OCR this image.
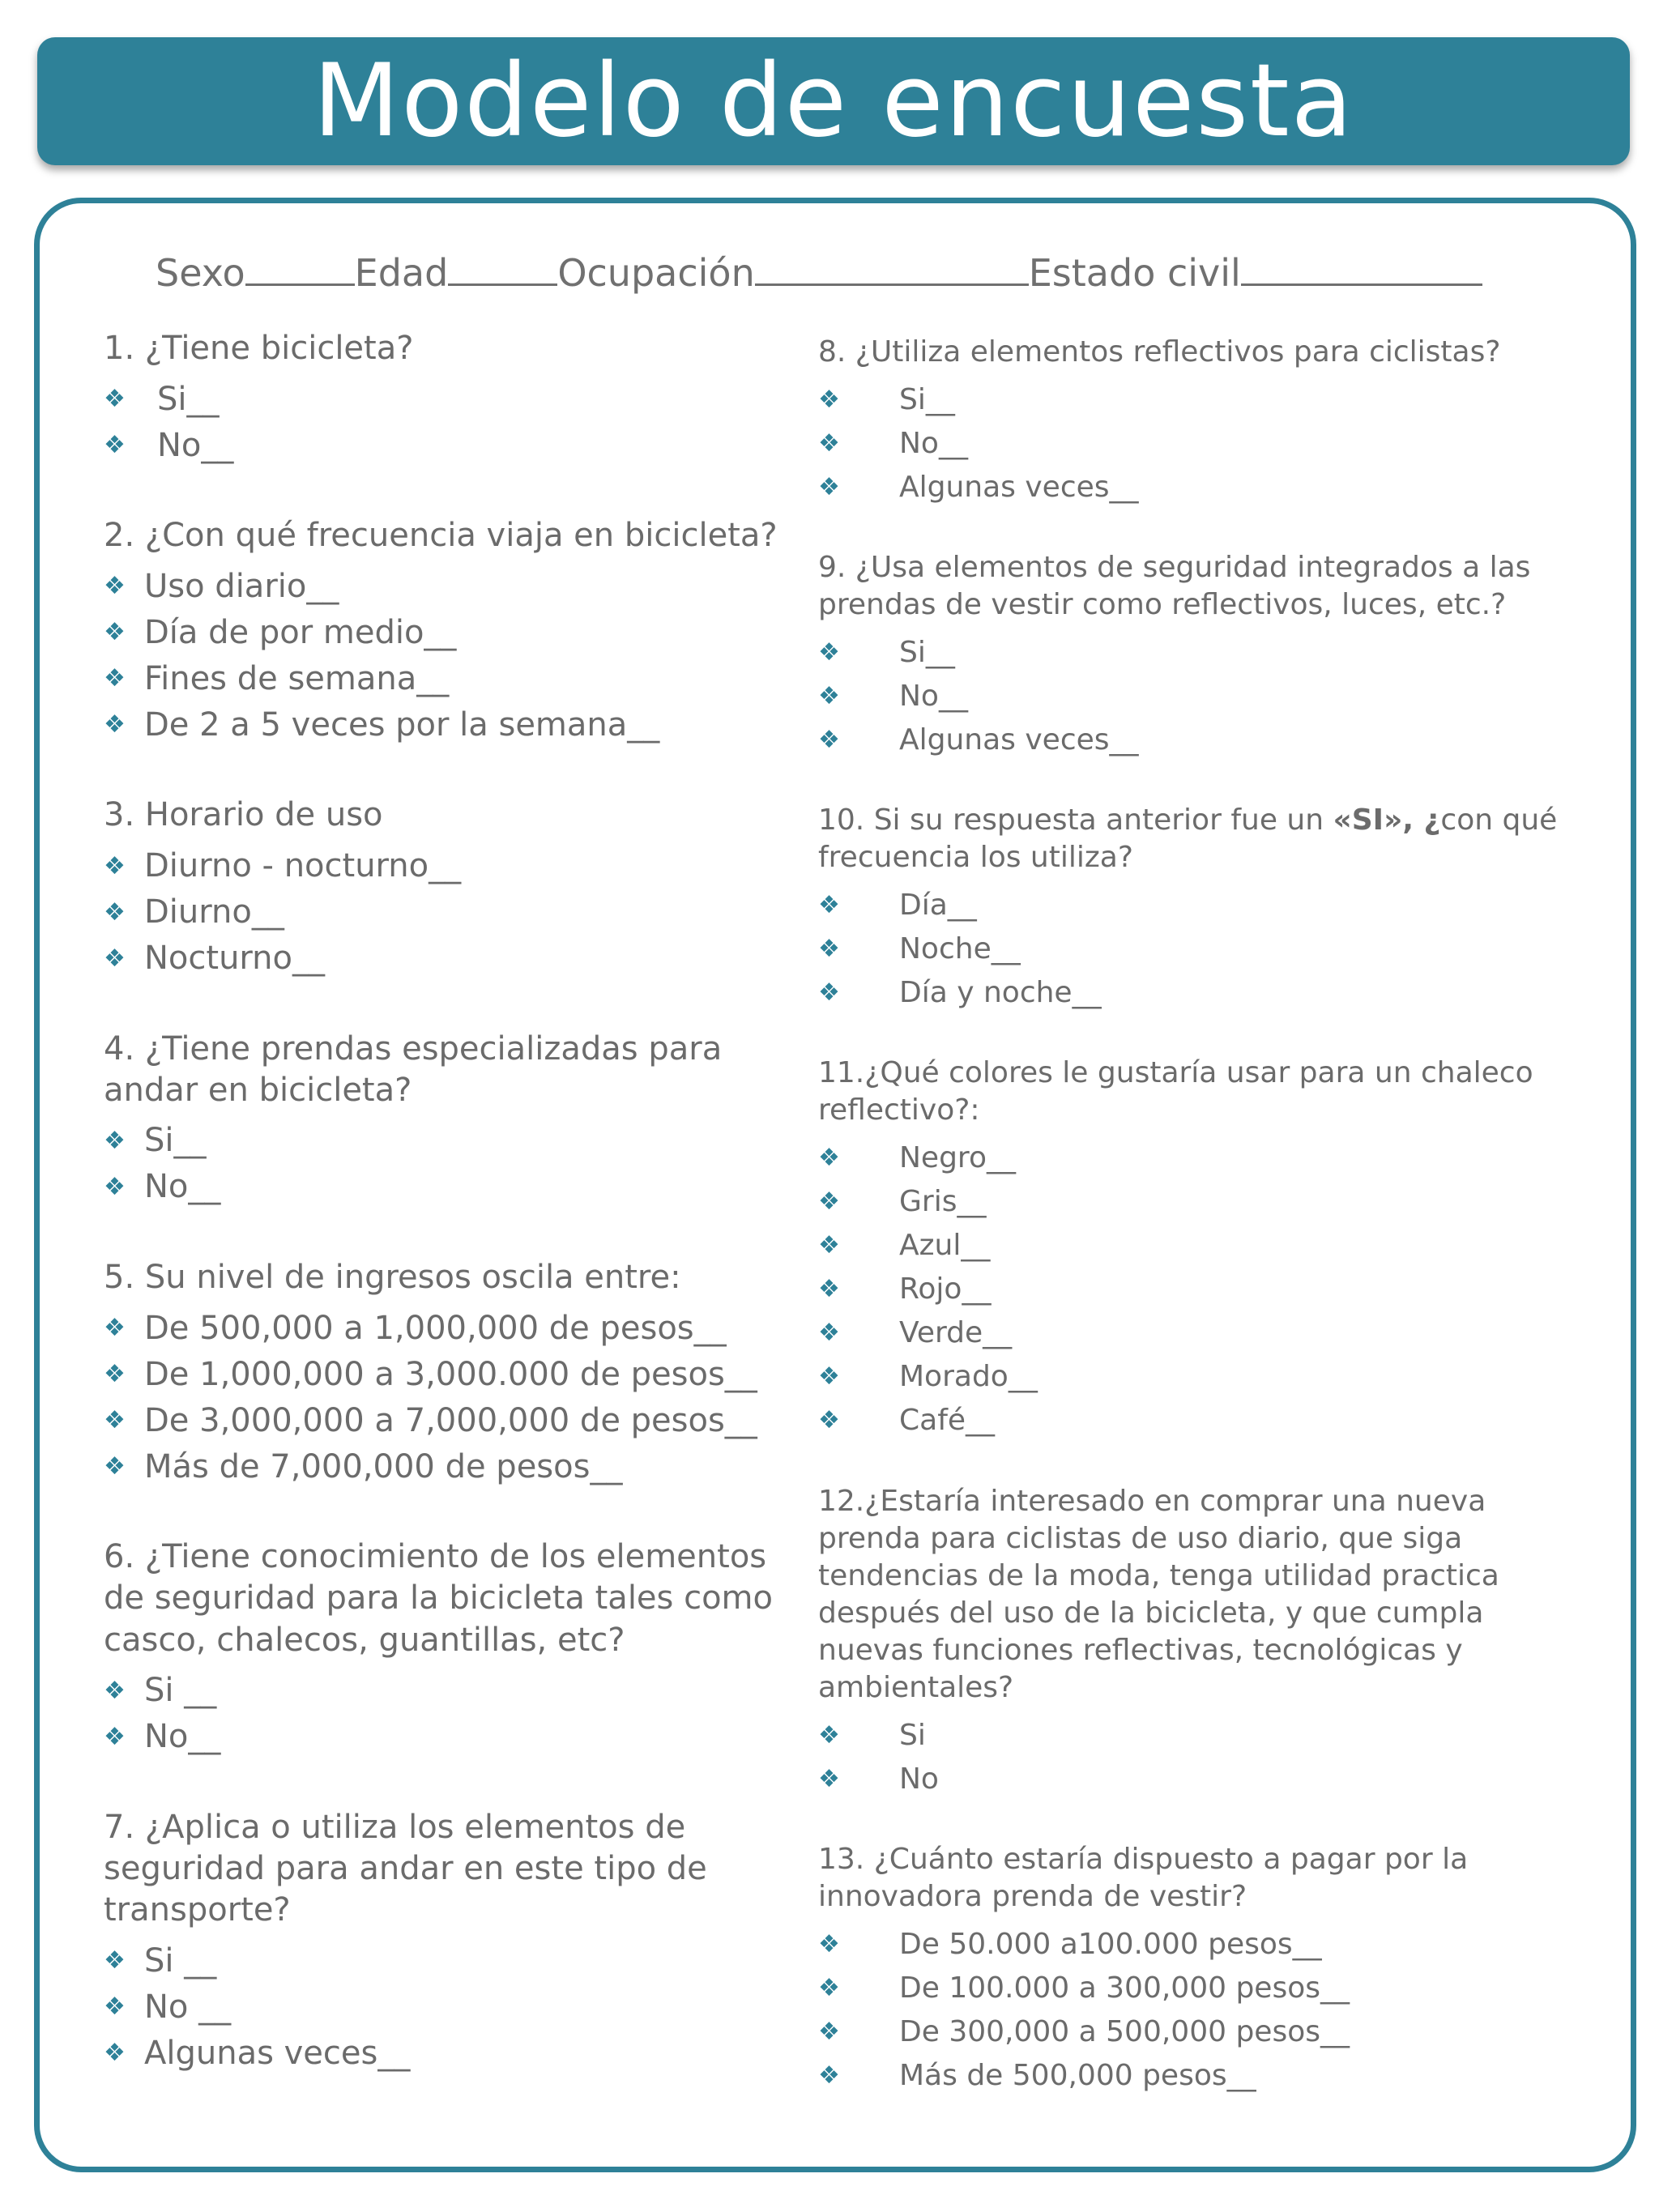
Modelo de encuesta
Sexo	Edad	Ocupación	Estado civil
1. ¿Tiene bicicleta?
❖ Si__
❖ No__
2. ¿Con qué frecuencia viaja en bicicleta?
❖ Uso diario__
❖ Día de por medio__
❖ Fines de semana__
❖ De 2 a 5 veces por la semana__
3. Horario de uso
❖ Diurno - nocturno__
❖ Diurno__
❖ Nocturno__
4. ¿Tiene prendas especializadas para andar en bicicleta?
❖ Si__
❖ No__
5. Su nivel de ingresos oscila entre:
❖ De 500,000 a 1,000,000 de pesos__
❖ De 1,000,000 a 3,000.000 de pesos__
❖ De 3,000,000 a 7,000,000 de pesos__
❖ Más de 7,000,000 de pesos__
6. ¿Tiene conocimiento de los elementos de seguridad para la bicicleta tales como casco, chalecos, guantillas, etc?
❖ Si __
❖ No__
7. ¿Aplica o utiliza los elementos de seguridad para andar en este tipo de transporte?
❖ Si __
❖ No __
❖ Algunas veces__
8. ¿Utiliza elementos reflectivos para ciclistas?
❖	Si__
❖	No__
❖	Algunas veces__
9. ¿Usa elementos de seguridad integrados a las prendas de vestir como reflectivos, luces, etc.?
❖	Si__
❖	No__
❖	Algunas veces__
10. Si su respuesta anterior fue un «SI», ¿con qué frecuencia los utiliza?
❖	Día__
❖	Noche__
❖	Día y noche__
11.¿Qué colores le gustaría usar para un chaleco reflectivo?:
❖	Negro__
❖	Gris__
❖	Azul__
❖	Rojo__
❖	Verde__
❖	Morado__
❖	Café__
12.¿Estaría interesado en comprar una nueva prenda para ciclistas de uso diario, que siga tendencias de la moda, tenga utilidad practica después del uso de la bicicleta, y que cumpla nuevas funciones reflectivas, tecnológicas y ambientales?
❖	Si
❖	No
13. ¿Cuánto estaría dispuesto a pagar por la innovadora prenda de vestir?
❖	De 50.000 a100.000 pesos__
❖	De 100.000 a 300,000 pesos__
❖	De 300,000 a 500,000 pesos__
❖	Más de 500,000 pesos__
